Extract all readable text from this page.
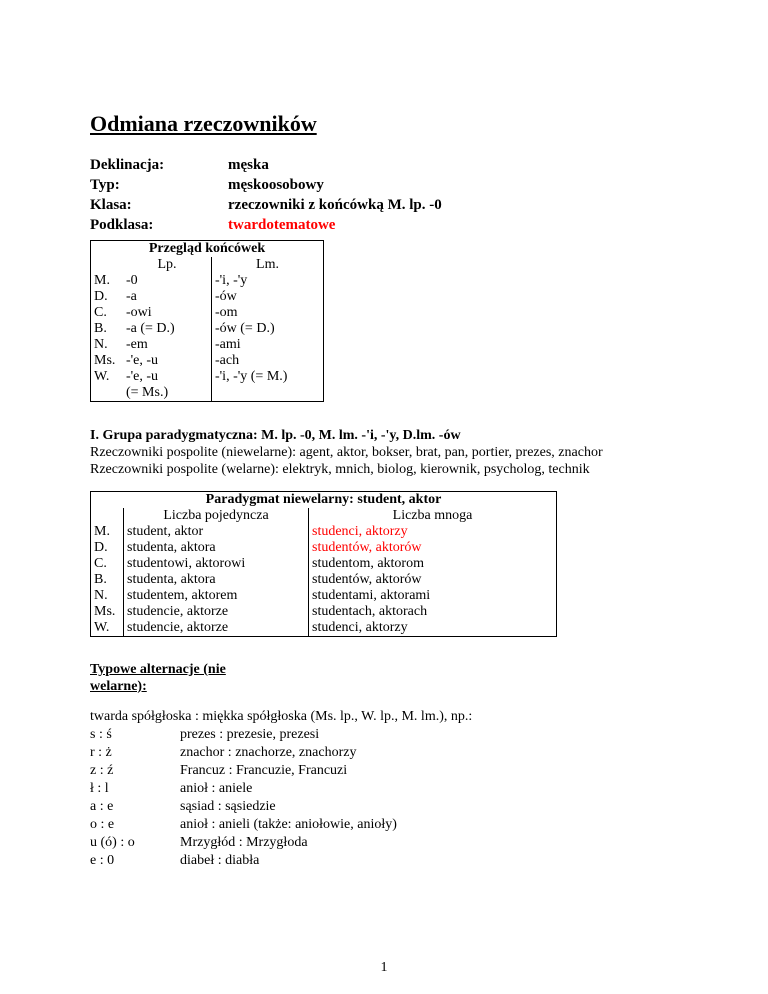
Odmiana rzeczowników
Deklinacja:	męska
Typ:	męskoosobowy
Klasa:	rzeczowniki z końcówką M. lp. -0
Podklasa:	twardotematowe
Przegląd końcówek		
	Lp.	Lm.
M.	-0	-'i, -'y
D.	-a	-ów
C.	-owi	-om
B.	-a (= D.)	-ów (= D.)
N.	-em	-ami
Ms.	-'e, -u	-ach
W.	-'e, -u	-'i, -'y (= M.)
	(= Ms.)	
I. Grupa paradygmatyczna: M. lp. -0, M. lm. -'i, -'y, D.lm. -ów
Rzeczowniki pospolite (niewelarne): agent, aktor, bokser, brat, pan, portier, prezes, znachor
Rzeczowniki pospolite (welarne): elektryk, mnich, biolog, kierownik, psycholog, technik
Paradygmat niewelarny: student, aktor		
	Liczba pojedyncza	Liczba mnoga
M.	student, aktor	studenci, aktorzy
D.	studenta, aktora	studentów, aktorów
C.	studentowi, aktorowi	studentom, aktorom
B.	studenta, aktora	studentów, aktorów
N.	studentem, aktorem	studentami, aktorami
Ms.	studencie, aktorze	studentach, aktorach
W.	studencie, aktorze	studenci, aktorzy
Typowe alternacje (nie welarne):
twarda spółgłoska : miękka spółgłoska (Ms. lp., W. lp., M. lm.), np.:
s : ś	prezes : prezesie, prezesi
r : ż	znachor : znachorze, znachorzy
z : ź	Francuz : Francuzie, Francuzi
ł : l	anioł : aniele
a : e	sąsiad : sąsiedzie
o : e	anioł : anieli (także: aniołowie, anioły)
u (ó) : o	Mrzygłód : Mrzygłoda
e : 0	diabeł : diabła
1
